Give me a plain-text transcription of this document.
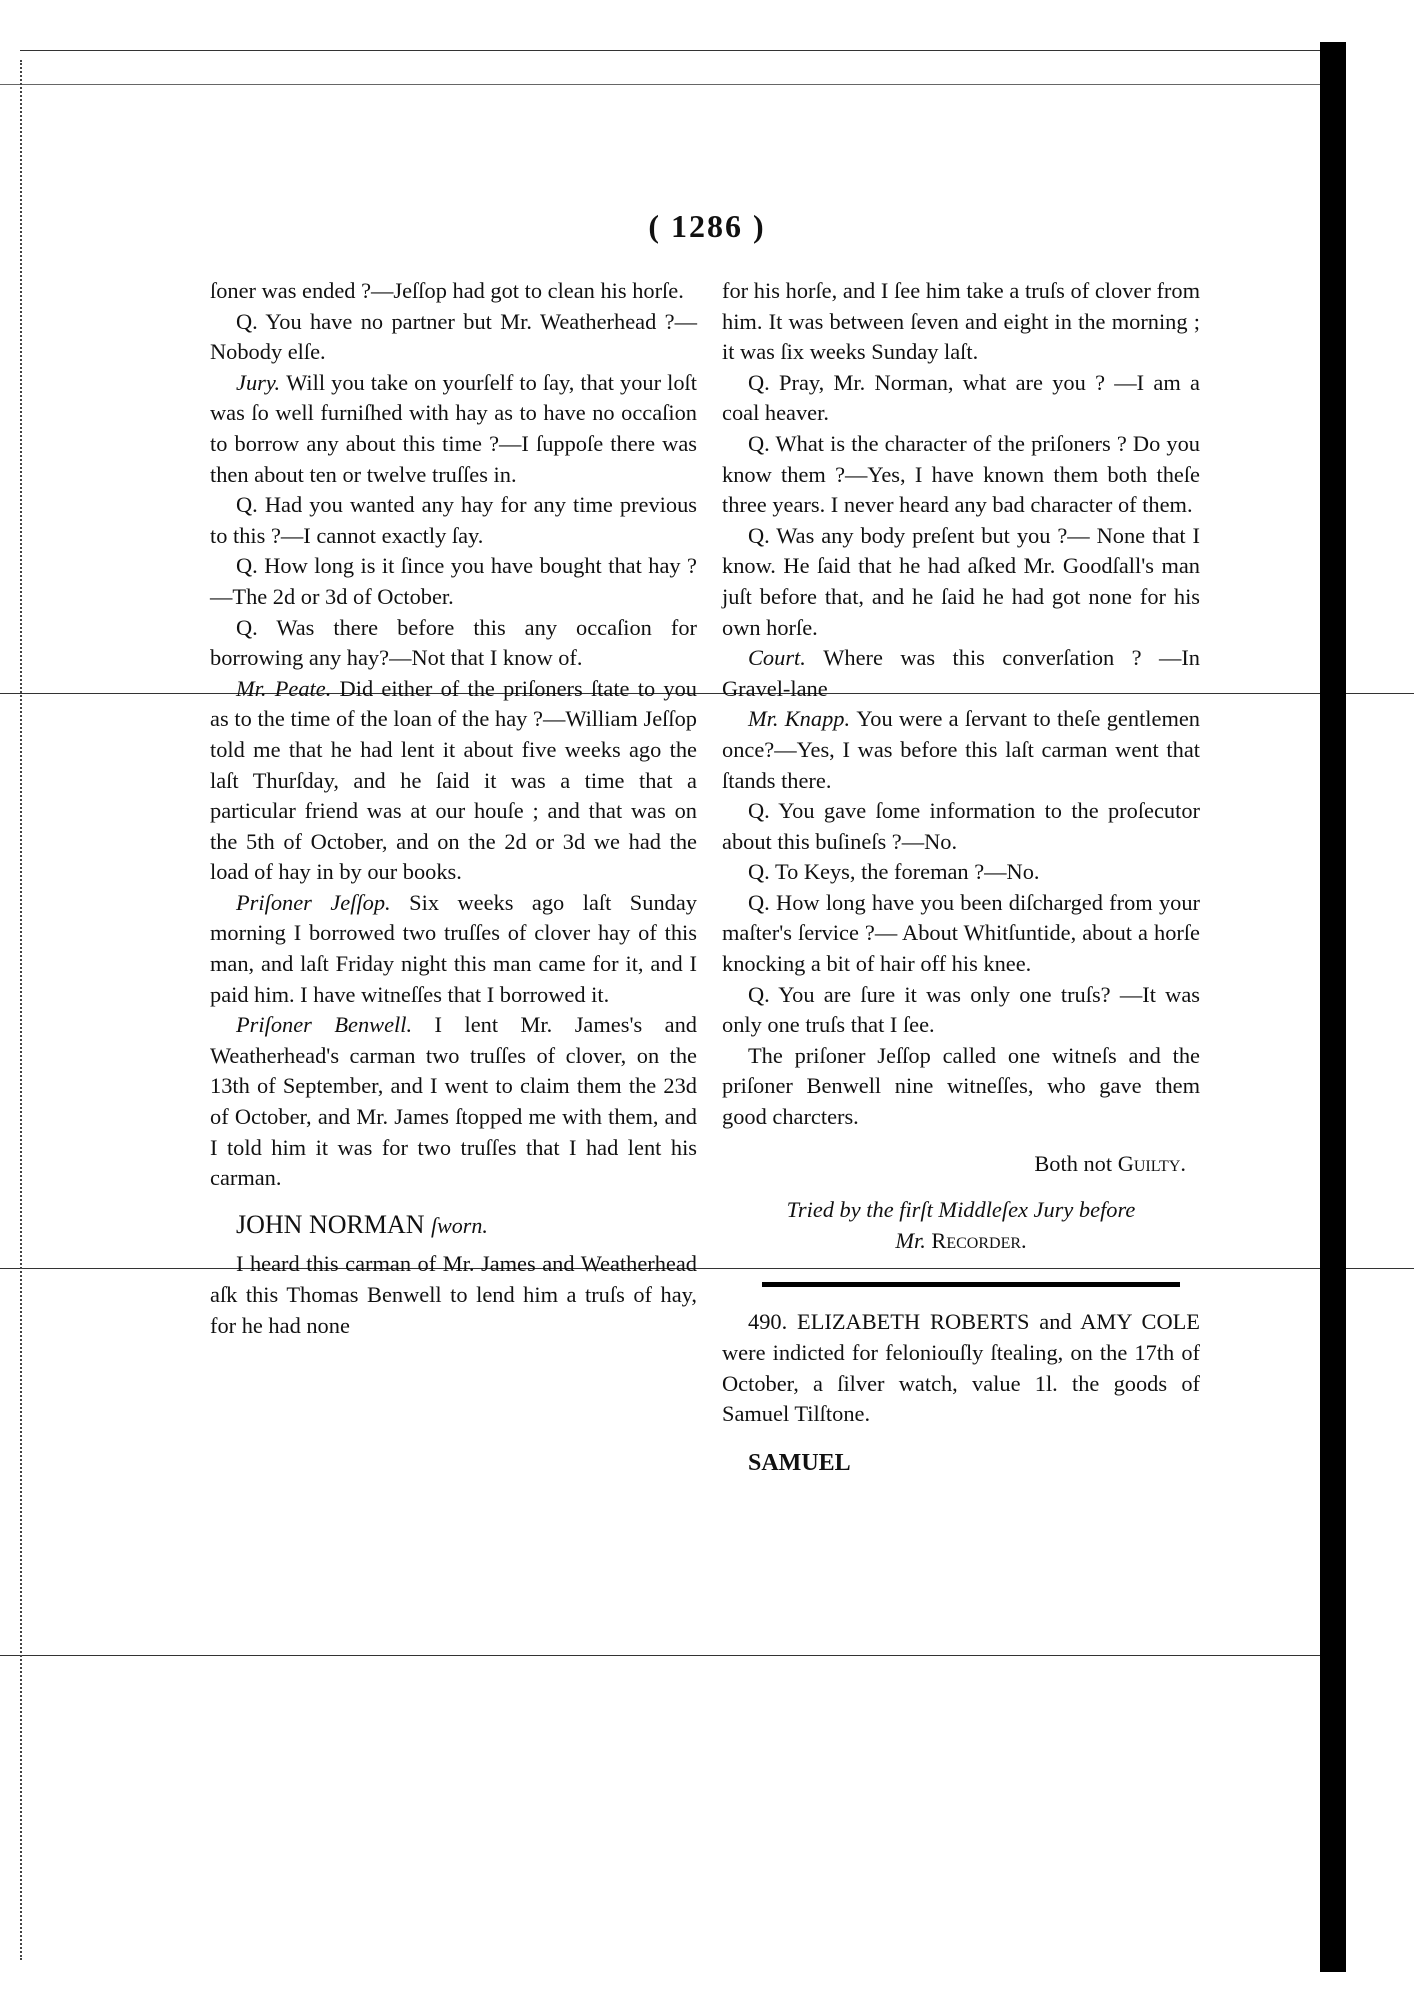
( 1286 )

ſoner was ended ?—Jeſſop had got to clean his horſe.

Q. You have no partner but Mr. Weatherhead ?—Nobody elſe.

Jury. Will you take on yourſelf to ſay, that your loſt was ſo well furniſhed with hay as to have no occaſion to borrow any about this time ?—I ſuppoſe there was then about ten or twelve truſſes in.

Q. Had you wanted any hay for any time previous to this ?—I cannot exactly ſay.

Q. How long is it ſince you have bought that hay ?—The 2d or 3d of October.

Q. Was there before this any occaſion for borrowing any hay?—Not that I know of.

Mr. Peate. Did either of the priſoners ſtate to you as to the time of the loan of the hay ?—William Jeſſop told me that he had lent it about five weeks ago the laſt Thurſday, and he ſaid it was a time that a particular friend was at our houſe ; and that was on the 5th of October, and on the 2d or 3d we had the load of hay in by our books.

Priſoner Jeſſop. Six weeks ago laſt Sunday morning I borrowed two truſſes of clover hay of this man, and laſt Friday night this man came for it, and I paid him. I have witneſſes that I borrowed it.

Priſoner Benwell. I lent Mr. James's and Weatherhead's carman two truſſes of clover, on the 13th of September, and I went to claim them the 23d of October, and Mr. James ſtopped me with them, and I told him it was for two truſſes that I had lent his carman.

JOHN NORMAN ſworn.

I heard this carman of Mr. James and Weatherhead aſk this Thomas Benwell to lend him a truſs of hay, for he had none

for his horſe, and I ſee him take a truſs of clover from him. It was between ſeven and eight in the morning ; it was ſix weeks Sunday laſt.

Q. Pray, Mr. Norman, what are you ? —I am a coal heaver.

Q. What is the character of the priſoners ? Do you know them ?—Yes, I have known them both theſe three years. I never heard any bad character of them.

Q. Was any body preſent but you ?— None that I know. He ſaid that he had aſked Mr. Goodſall's man juſt before that, and he ſaid he had got none for his own horſe.

Court. Where was this converſation ? —In Gravel-lane

Mr. Knapp. You were a ſervant to theſe gentlemen once?—Yes, I was before this laſt carman went that ſtands there.

Q. You gave ſome information to the proſecutor about this buſineſs ?—No.

Q. To Keys, the foreman ?—No.

Q. How long have you been diſcharged from your maſter's ſervice ?— About Whitſuntide, about a horſe knocking a bit of hair off his knee.

Q. You are ſure it was only one truſs? —It was only one truſs that I ſee.

The priſoner Jeſſop called one witneſs and the priſoner Benwell nine witneſſes, who gave them good charcters.

Both not Guilty.

Tried by the firſt Middleſex Jury before

Mr. Recorder.

490. ELIZABETH ROBERTS and AMY COLE were indicted for feloniouſly ſtealing, on the 17th of October, a ſilver watch, value 1l. the goods of Samuel Tilſtone.

SAMUEL
